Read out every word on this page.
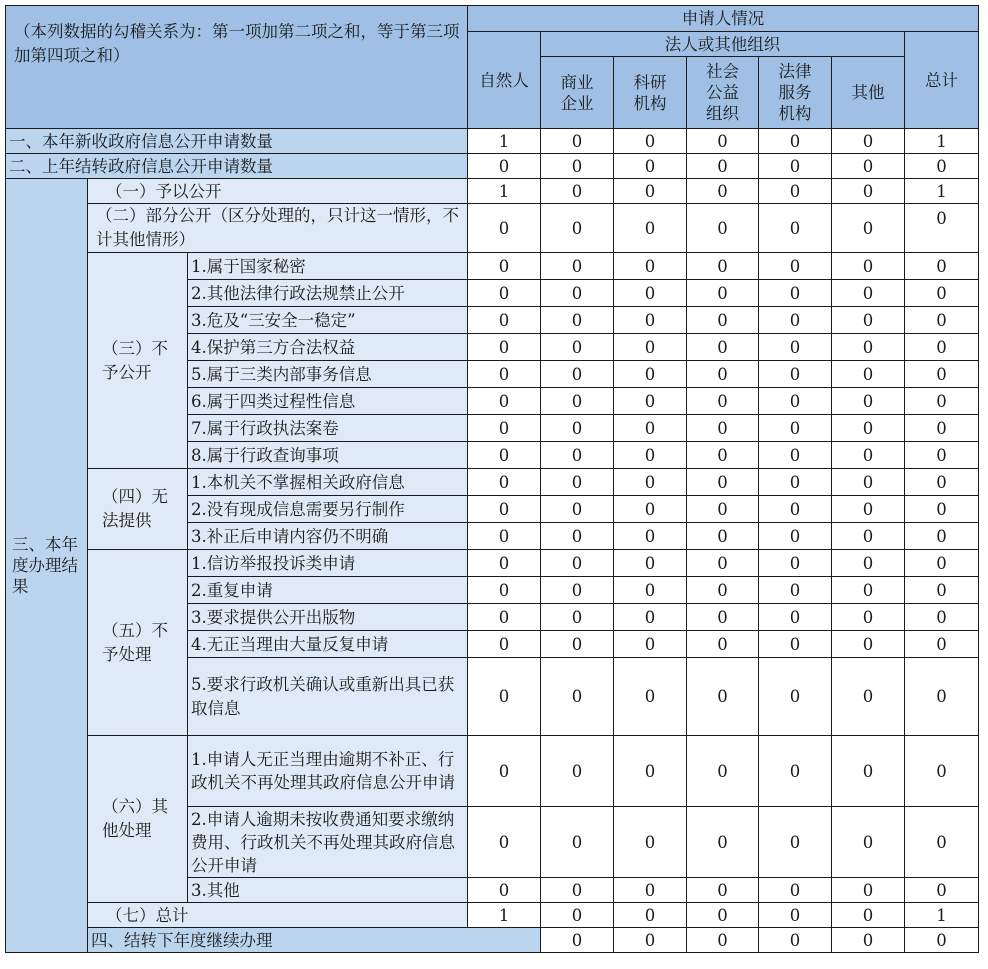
（本列数据的勾稽关系为：第一项加第二项之和，等于第三项加第四项之和）			申请人情况							
			自然人	法人或其他组织					总计	
				商业企业	科研机构	社会公益组织	法律服务机构	其他		
一、本年新收政府信息公开申请数量			1	0	0	0	0	0	1	
二、上年结转政府信息公开申请数量			0	0	0	0	0	0	0	
三、本年度办理结果	（一）予以公开		1	0	0	0	0	0	1	
	（二）部分公开（区分处理的，只计这一情形，不计其他情形）		0	0	0	0	0	0	0	
	（三）不予公开	1.属于国家秘密	0	0	0	0	0	0	0	
		2.其他法律行政法规禁止公开	0	0	0	0	0	0	0	
		3.危及“三安全一稳定”	0	0	0	0	0	0	0	
		4.保护第三方合法权益	0	0	0	0	0	0	0	
		5.属于三类内部事务信息	0	0	0	0	0	0	0	
		6.属于四类过程性信息	0	0	0	0	0	0	0	
		7.属于行政执法案卷	0	0	0	0	0	0	0	
		8.属于行政查询事项	0	0	0	0	0	0	0	
	（四）无法提供	1.本机关不掌握相关政府信息	0	0	0	0	0	0	0	
		2.没有现成信息需要另行制作	0	0	0	0	0	0	0	
		3.补正后申请内容仍不明确	0	0	0	0	0	0	0	
	（五）不予处理	1.信访举报投诉类申请	0	0	0	0	0	0	0	
		2.重复申请	0	0	0	0	0	0	0	
		3.要求提供公开出版物	0	0	0	0	0	0	0	
		4.无正当理由大量反复申请	0	0	0	0	0	0	0	
		5.要求行政机关确认或重新出具已获取信息	0	0	0	0	0	0	0	
	（六）其他处理	1.申请人无正当理由逾期不补正、行政机关不再处理其政府信息公开申请	0	0	0	0	0	0	0	
		2.申请人逾期未按收费通知要求缴纳费用、行政机关不再处理其政府信息公开申请	0	0	0	0	0	0	0	
		3.其他	0	0	0	0	0	0	0	
	（七）总计		1	0	0	0	0	0	1	
	四、结转下年度继续办理			0	0	0	0	0	0	
